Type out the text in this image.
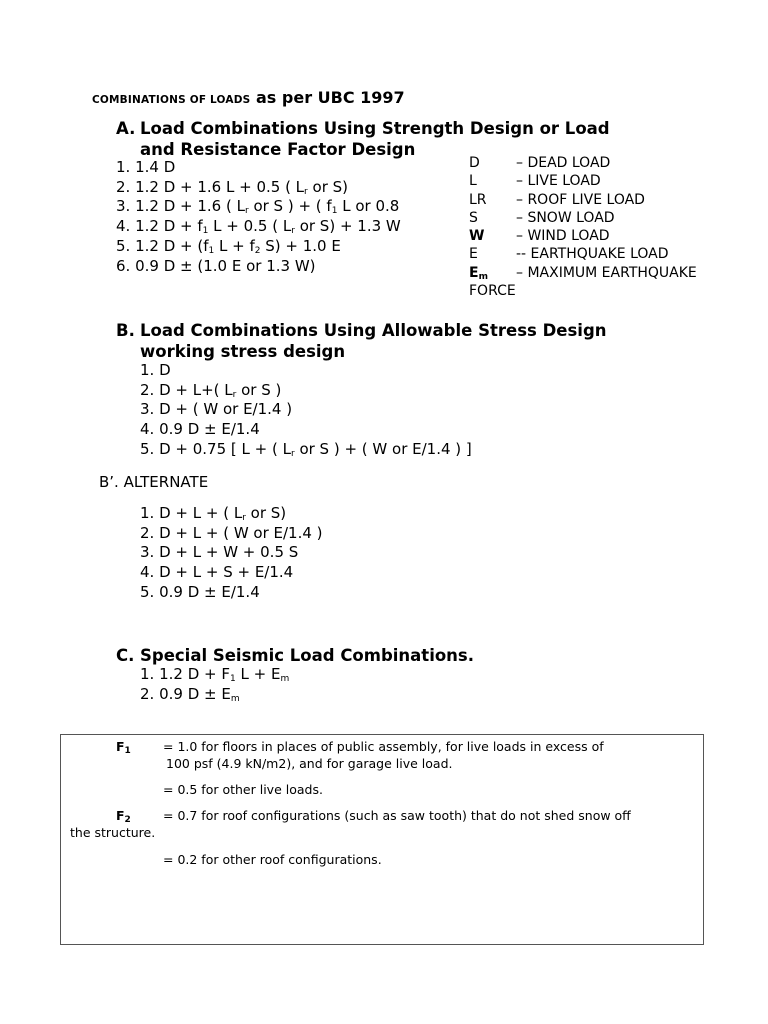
COMBINATIONS OF LOADS as per UBC 1997
A. Load Combinations Using Strength Design or Load
and Resistance Factor Design
1. 1.4 D
2. 1.2 D + 1.6 L + 0.5 ( $L_r$ or S)
3. 1.2 D + 1.6 ( $L_r$ or S ) + ( $f_1$ L or 0.8
4. 1.2 $D + f_1$ L + 0.5 ( $L_r$ or S) + 1.3 W
5. 1.2 $D + (f_1$ $L + f_2$ S) + 1.0 E
6. 0.9 D ± (1.0 E or 1.3 W)
D	– DEAD LOAD
L	– LIVE LOAD
LR – ROOF LIVE LOAD
S	– SNOW LOAD
W – WIND LOAD
E	-- EARTHQUAKE LOAD
$E_m$ – MAXIMUM EARTHQUAKE
FORCE
B. Load Combinations Using Allowable Stress Design
working stress design
1. D
2. D + L+( $L_r$ or S )
3. D + ( W or E/1.4 )
4. 0.9 D ± E/1.4
5. D + 0.75 [ L + ( $L_r$ or S ) + ( W or E/1.4 ) ]
B’. ALTERNATE
1. D + L + ( $L_r$ or S)
2. D + L + ( W or E/1.4 )
3. D + L + W + 0.5 S
4. D + L + S + E/1.4
5. 0.9 D ± E/1.4
C. Special Seismic Load Combinations.
1. 1.2 $D + F_1$ $L + E_m$
2. 0.9 $D \pm E_m$
$F_1$	= 1.0 for floors in places of public assembly, for live loads in excess of
100 psf (4.9 kN/m2), and for garage live load.
= 0.5 for other live loads.
$F_2$	= 0.7 for roof configurations (such as saw tooth) that do not shed snow off
the structure.
= 0.2 for other roof configurations.
